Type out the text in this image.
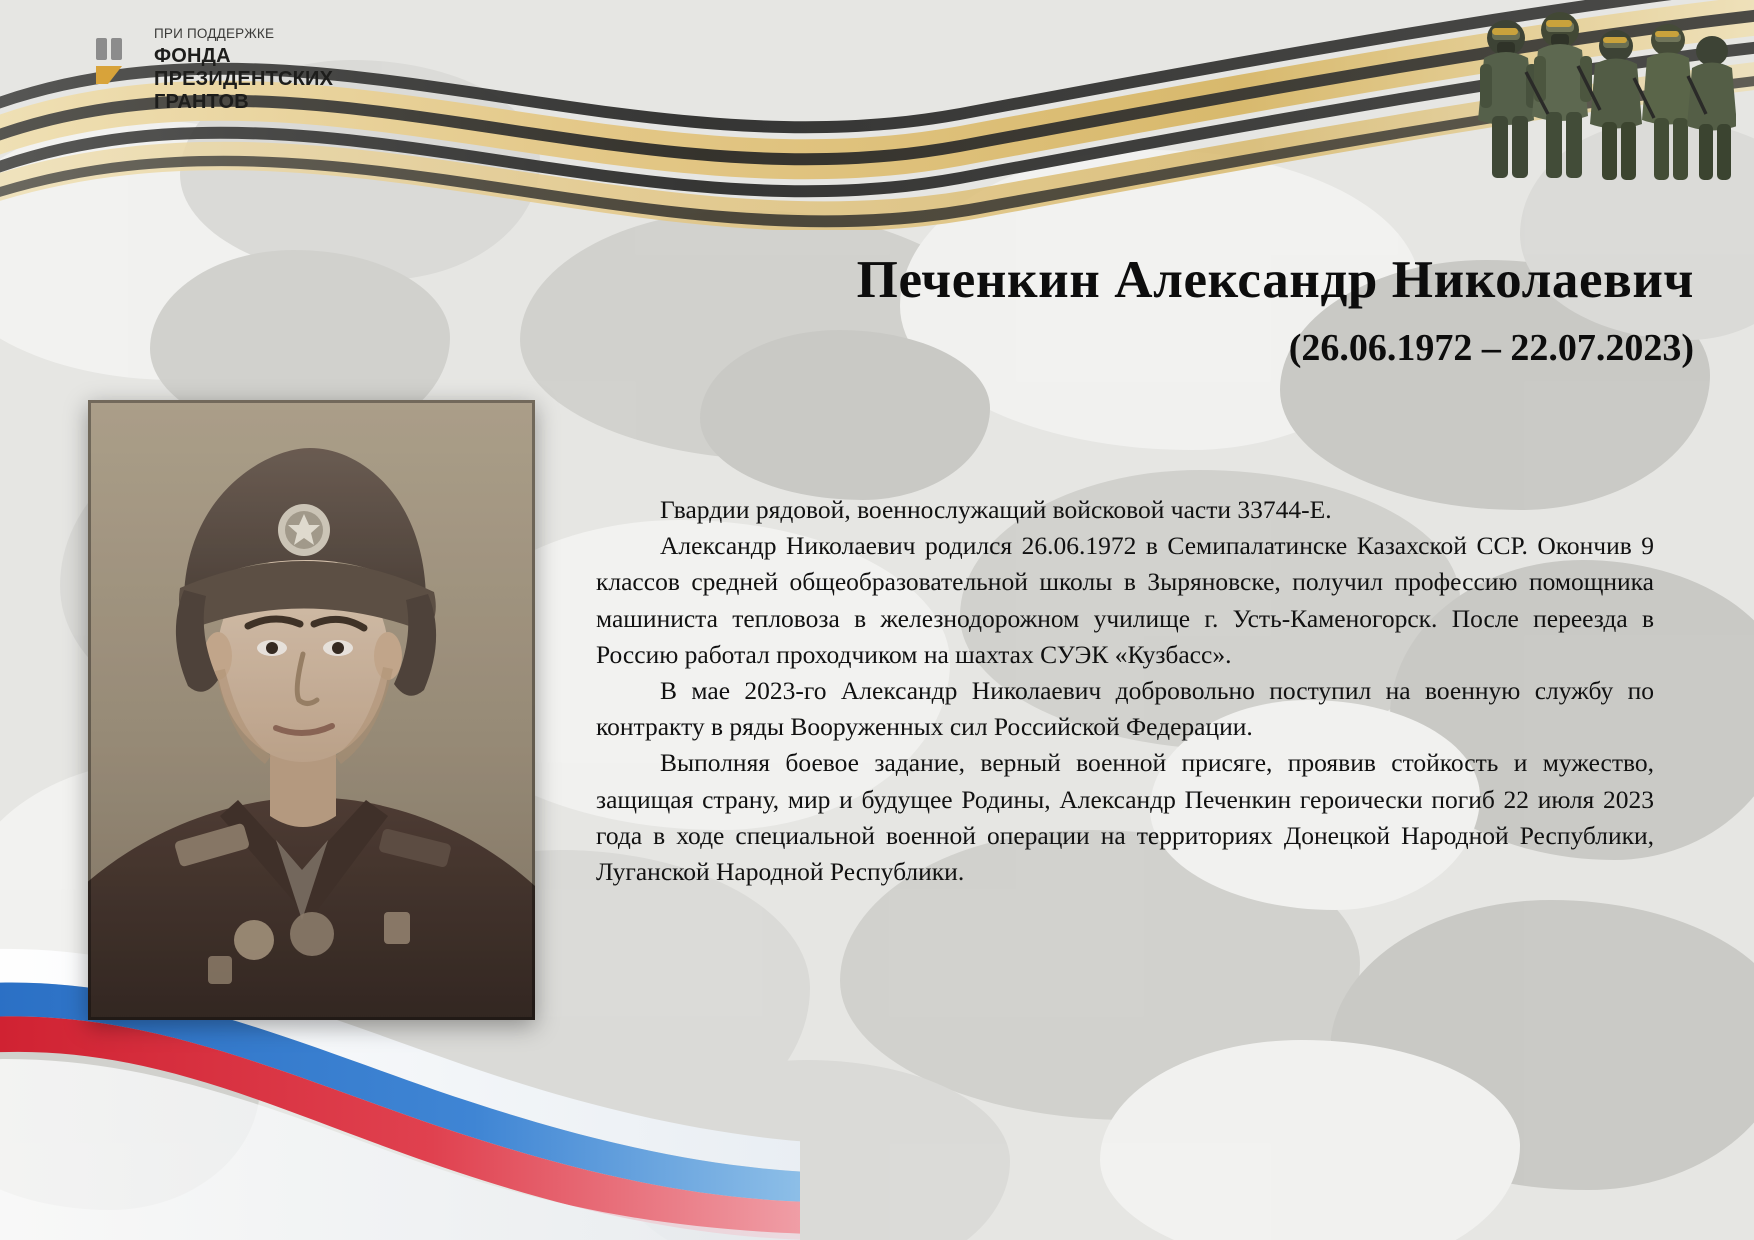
ПРИ ПОДДЕРЖКЕ
ФОНДА
ПРЕЗИДЕНТСКИХ
ГРАНТОВ
Печенкин Александр Николаевич
(26.06.1972 – 22.07.2023)

Гвардии рядовой, военнослужащий войсковой части 33744-Е.

Александр Николаевич родился 26.06.1972 в Семипалатинске Казахской ССР. Окончив 9 классов средней общеобразовательной школы в Зыряновске, получил профессию помощника машиниста тепловоза в железнодорожном училище г. Усть-Каменогорск. После переезда в Россию работал проходчиком на шахтах СУЭК «Кузбасс».

В мае 2023-го Александр Николаевич добровольно поступил на военную службу по контракту в ряды Вооруженных сил Российской Федерации.

Выполняя боевое задание, верный военной присяге, проявив стойкость и мужество, защищая страну, мир и будущее Родины, Александр Печенкин героически погиб 22 июля 2023 года в ходе специальной военной операции на территориях Донецкой Народной Республики, Луганской Народной Республики.
